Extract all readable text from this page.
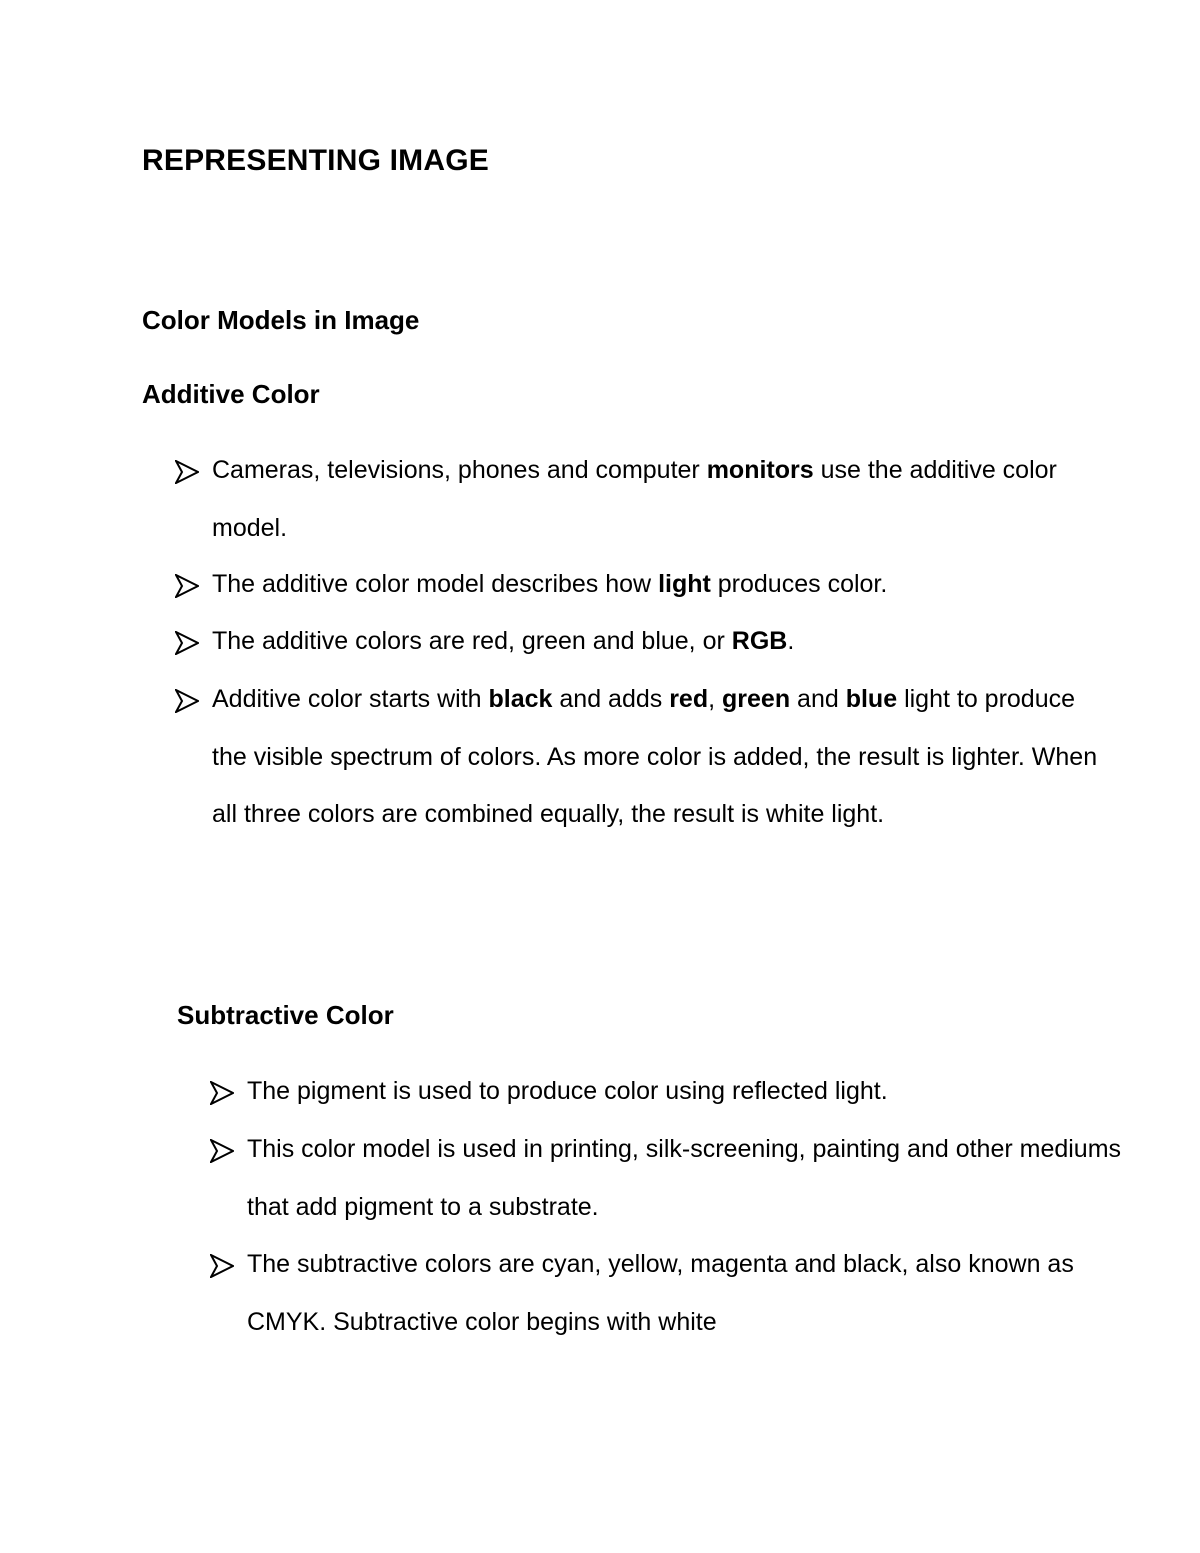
REPRESENTING IMAGE
Color Models in Image
Additive Color
Cameras, televisions, phones and computer monitors use the additive color model.
The additive color model describes how light produces color.
The additive colors are red, green and blue, or RGB.
Additive color starts with black and adds red, green and blue light to produce the visible spectrum of colors. As more color is added, the result is lighter. When all three colors are combined equally, the result is white light.
Subtractive Color
The pigment is used to produce color using reflected light.
This color model is used in printing, silk-screening, painting and other mediums that add pigment to a substrate.
The subtractive colors are cyan, yellow, magenta and black, also known as CMYK. Subtractive color begins with white
